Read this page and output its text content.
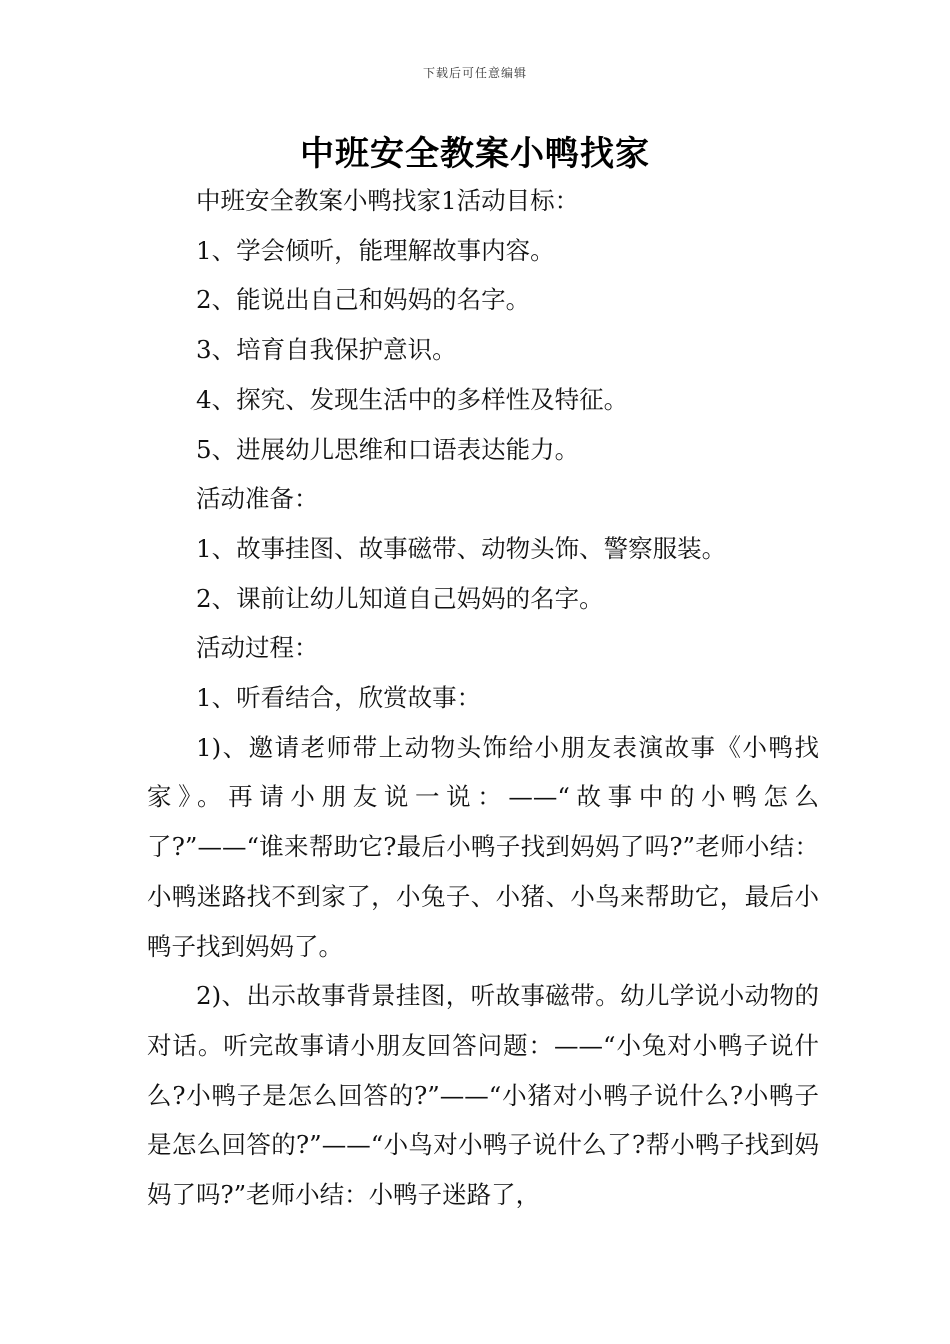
下载后可任意编辑
中班安全教案小鸭找家

中班安全教案小鸭找家1活动目标：

1、学会倾听，能理解故事内容。

2、能说出自己和妈妈的名字。

3、培育自我保护意识。

4、探究、发现生活中的多样性及特征。

5、进展幼儿思维和口语表达能力。

活动准备：

1、故事挂图、故事磁带、动物头饰、警察服装。

2、课前让幼儿知道自己妈妈的名字。

活动过程：

1、听看结合，欣赏故事：

1)、邀请老师带上动物头饰给小朋友表演故事《小鸭找家》。再请小朋友说一说：——“故事中的小鸭怎么了?”——“谁来帮助它?最后小鸭子找到妈妈了吗?”老师小结：小鸭迷路找不到家了，小兔子、小猪、小鸟来帮助它，最后小鸭子找到妈妈了。

2)、出示故事背景挂图，听故事磁带。幼儿学说小动物的对话。听完故事请小朋友回答问题：——“小兔对小鸭子说什么?小鸭子是怎么回答的?”——“小猪对小鸭子说什么?小鸭子是怎么回答的?”——“小鸟对小鸭子说什么了?帮小鸭子找到妈妈了吗?”老师小结：小鸭子迷路了，
